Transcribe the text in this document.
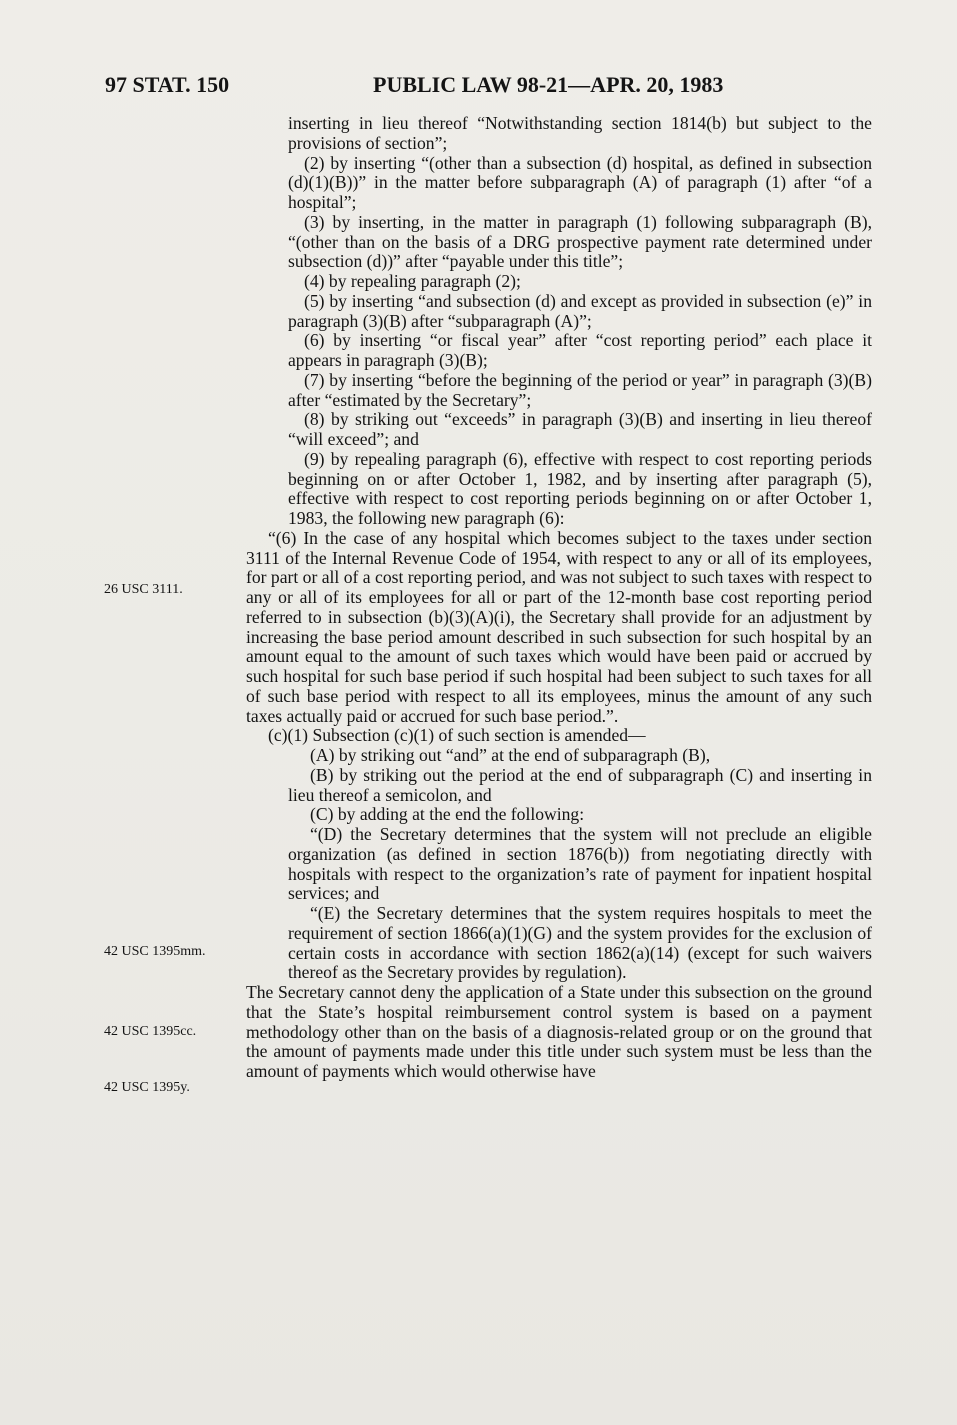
97 STAT. 150	PUBLIC LAW 98-21—APR. 20, 1983
26 USC 3111.
42 USC 1395mm.
42 USC 1395cc.
42 USC 1395y.

inserting in lieu thereof “Notwithstanding section 1814(b) but subject to the provisions of section”;

(2) by inserting “(other than a subsection (d) hospital, as defined in subsection (d)(1)(B))” in the matter before subparagraph (A) of paragraph (1) after “of a hospital”;

(3) by inserting, in the matter in paragraph (1) following subparagraph (B), “(other than on the basis of a DRG prospective payment rate determined under subsection (d))” after “payable under this title”;

(4) by repealing paragraph (2);

(5) by inserting “and subsection (d) and except as provided in subsection (e)” in paragraph (3)(B) after “subparagraph (A)”;

(6) by inserting “or fiscal year” after “cost reporting period” each place it appears in paragraph (3)(B);

(7) by inserting “before the beginning of the period or year” in paragraph (3)(B) after “estimated by the Secretary”;

(8) by striking out “exceeds” in paragraph (3)(B) and inserting in lieu thereof “will exceed”; and

(9) by repealing paragraph (6), effective with respect to cost reporting periods beginning on or after October 1, 1982, and by inserting after paragraph (5), effective with respect to cost reporting periods beginning on or after October 1, 1983, the following new paragraph (6):

“(6) In the case of any hospital which becomes subject to the taxes under section 3111 of the Internal Revenue Code of 1954, with respect to any or all of its employees, for part or all of a cost reporting period, and was not subject to such taxes with respect to any or all of its employees for all or part of the 12-month base cost reporting period referred to in subsection (b)(3)(A)(i), the Secretary shall provide for an adjustment by increasing the base period amount described in such subsection for such hospital by an amount equal to the amount of such taxes which would have been paid or accrued by such hospital for such base period if such hospital had been subject to such taxes for all of such base period with respect to all its employees, minus the amount of any such taxes actually paid or accrued for such base period.”.

(c)(1) Subsection (c)(1) of such section is amended—

(A) by striking out “and” at the end of subparagraph (B),

(B) by striking out the period at the end of subparagraph (C) and inserting in lieu thereof a semicolon, and

(C) by adding at the end the following:

“(D) the Secretary determines that the system will not preclude an eligible organization (as defined in section 1876(b)) from negotiating directly with hospitals with respect to the organization’s rate of payment for inpatient hospital services; and

“(E) the Secretary determines that the system requires hospitals to meet the requirement of section 1866(a)(1)(G) and the system provides for the exclusion of certain costs in accordance with section 1862(a)(14) (except for such waivers thereof as the Secretary provides by regulation).

The Secretary cannot deny the application of a State under this subsection on the ground that the State’s hospital reimbursement control system is based on a payment methodology other than on the basis of a diagnosis-related group or on the ground that the amount of payments made under this title under such system must be less than the amount of payments which would otherwise have
